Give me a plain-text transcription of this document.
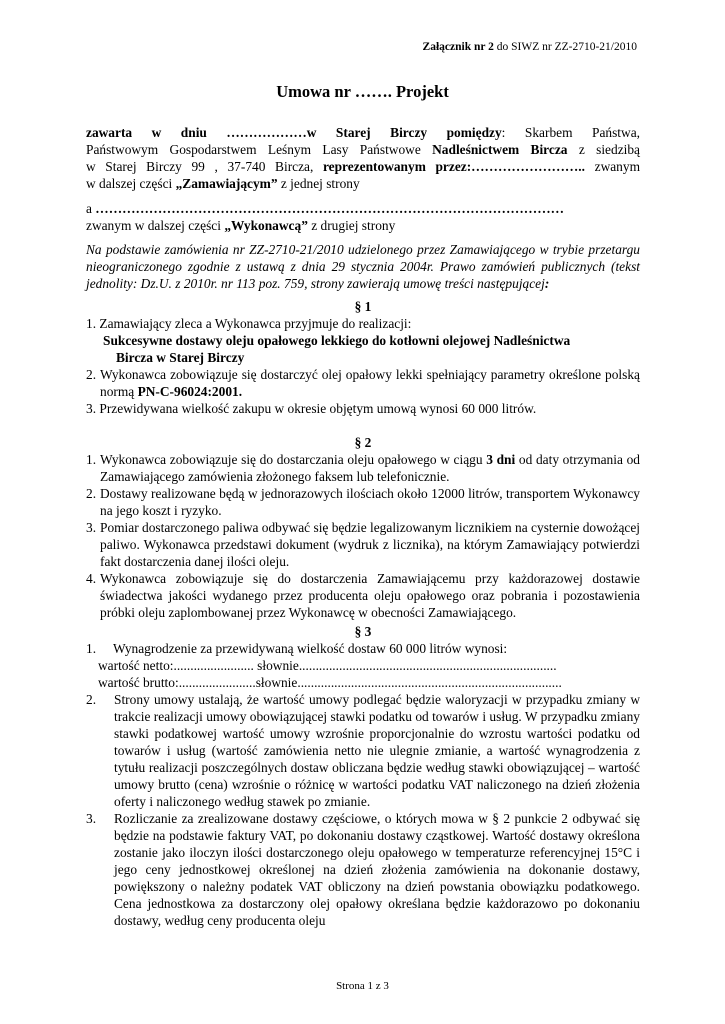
Załącznik nr 2 do SIWZ nr ZZ-2710-21/2010
Umowa nr ……. Projekt

zawarta w dniu ………………w Starej Birczy pomiędzy: Skarbem Państwa,

Państwowym Gospodarstwem Leśnym Lasy Państwowe Nadleśnictwem Bircza z siedzibą

w Starej Birczy 99 , 37-740 Bircza, reprezentowanym przez:…………………….. zwanym

w dalszej części „Zamawiającym” z jednej strony

a ……………………………………………………………………………………………

zwanym w dalszej części „Wykonawcą” z drugiej strony

Na podstawie zamówienia nr ZZ-2710-21/2010 udzielonego przez Zamawiającego w trybie przetargu nieograniczonego zgodnie z ustawą z dnia 29 stycznia 2004r. Prawo zamówień publicznych (tekst jednolity: Dz.U. z 2010r. nr 113 poz. 759, strony zawierają umowę treści następującej:

§ 1

1. Zamawiający zleca a Wykonawca przyjmuje do realizacji:

Sukcesywne dostawy oleju opałowego lekkiego do kotłowni olejowej Nadleśnictwa

Bircza w Starej Birczy

2. Wykonawca zobowiązuje się dostarczyć olej opałowy lekki spełniający parametry określone polską normą PN-C-96024:2001.

3. Przewidywana wielkość zakupu w okresie objętym umową wynosi 60 000 litrów.

§ 2

1. Wykonawca zobowiązuje się do dostarczania oleju opałowego w ciągu 3 dni od daty otrzymania od Zamawiającego zamówienia złożonego faksem lub telefonicznie.
2. Dostawy realizowane będą w jednorazowych ilościach około 12000 litrów, transportem Wykonawcy na jego koszt i ryzyko.
3. Pomiar dostarczonego paliwa odbywać się będzie legalizowanym licznikiem na cysternie dowożącej paliwo. Wykonawca przedstawi dokument (wydruk z licznika), na którym Zamawiający potwierdzi fakt dostarczenia danej ilości oleju.
4. Wykonawca zobowiązuje się do dostarczenia Zamawiającemu przy każdorazowej dostawie świadectwa jakości wydanego przez producenta oleju opałowego oraz pobrania i pozostawienia próbki oleju zaplombowanej przez Wykonawcę w obecności Zamawiającego.

§ 3

1.	Wynagrodzenie za przewidywaną wielkość dostaw 60 000 litrów wynosi:

wartość netto:........................ słownie.............................................................................

wartość brutto:.......................słownie...............................................................................

2.	Strony umowy ustalają, że wartość umowy podlegać będzie waloryzacji w przypadku zmiany w trakcie realizacji umowy obowiązującej stawki podatku od towarów i usług. W przypadku zmiany stawki podatkowej wartość umowy wzrośnie proporcjonalnie do wzrostu wartości podatku od towarów i usług (wartość zamówienia netto nie ulegnie zmianie, a wartość wynagrodzenia z tytułu realizacji poszczególnych dostaw obliczana będzie według stawki obowiązującej – wartość umowy brutto (cena) wzrośnie o różnicę w wartości podatku VAT naliczonego na dzień złożenia oferty i naliczonego według stawek po zmianie.
3.	Rozliczanie za zrealizowane dostawy częściowe, o których mowa w § 2 punkcie 2 odbywać się będzie na podstawie faktury VAT, po dokonaniu dostawy cząstkowej. Wartość dostawy określona zostanie jako iloczyn ilości dostarczonego oleju opałowego w temperaturze referencyjnej 15°C i jego ceny jednostkowej określonej na dzień złożenia zamówienia na dokonanie dostawy, powiększony o należny podatek VAT obliczony na dzień powstania obowiązku podatkowego. Cena jednostkowa za dostarczony olej opałowy określana będzie każdorazowo po dokonaniu dostawy, według ceny producenta oleju
Strona 1 z 3
